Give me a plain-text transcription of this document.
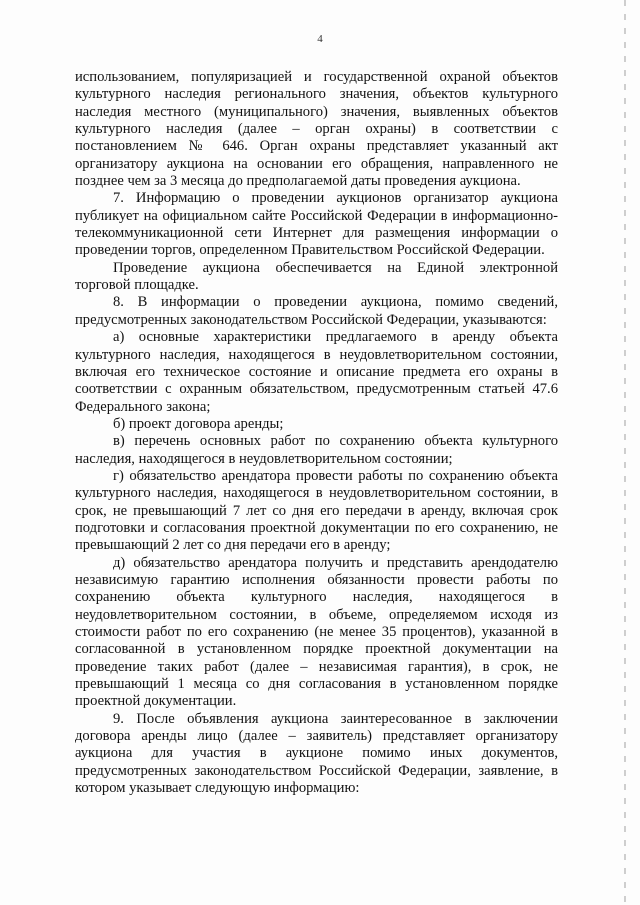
4

использованием, популяризацией и государственной охраной объектов культурного наследия регионального значения, объектов культурного наследия местного (муниципального) значения, выявленных объектов культурного наследия (далее – орган охраны) в соответствии с постановлением № 646. Орган охраны представляет указанный акт организатору аукциона на основании его обращения, направленного не позднее чем за 3 месяца до предполагаемой даты проведения аукциона.

7. Информацию о проведении аукционов организатор аукциона публикует на официальном сайте Российской Федерации в информационно-телекоммуникационной сети Интернет для размещения информации о проведении торгов, определенном Правительством Российской Федерации.

Проведение аукциона обеспечивается на Единой электронной торговой площадке.

8. В информации о проведении аукциона, помимо сведений, предусмотренных законодательством Российской Федерации, указываются:

а) основные характеристики предлагаемого в аренду объекта культурного наследия, находящегося в неудовлетворительном состоянии, включая его техническое состояние и описание предмета его охраны в соответствии с охранным обязательством, предусмотренным статьей 47.6 Федерального закона;

б) проект договора аренды;

в) перечень основных работ по сохранению объекта культурного наследия, находящегося в неудовлетворительном состоянии;

г) обязательство арендатора провести работы по сохранению объекта культурного наследия, находящегося в неудовлетворительном состоянии, в срок, не превышающий 7 лет со дня его передачи в аренду, включая срок подготовки и согласования проектной документации по его сохранению, не превышающий 2 лет со дня передачи его в аренду;

д) обязательство арендатора получить и представить арендодателю независимую гарантию исполнения обязанности провести работы по сохранению объекта культурного наследия, находящегося в неудовлетворительном состоянии, в объеме, определяемом исходя из стоимости работ по его сохранению (не менее 35 процентов), указанной в согласованной в установленном порядке проектной документации на проведение таких работ (далее – независимая гарантия), в срок, не превышающий 1 месяца со дня согласования в установленном порядке проектной документации.

9. После объявления аукциона заинтересованное в заключении договора аренды лицо (далее – заявитель) представляет организатору аукциона для участия в аукционе помимо иных документов, предусмотренных законодательством Российской Федерации, заявление, в котором указывает следующую информацию:
